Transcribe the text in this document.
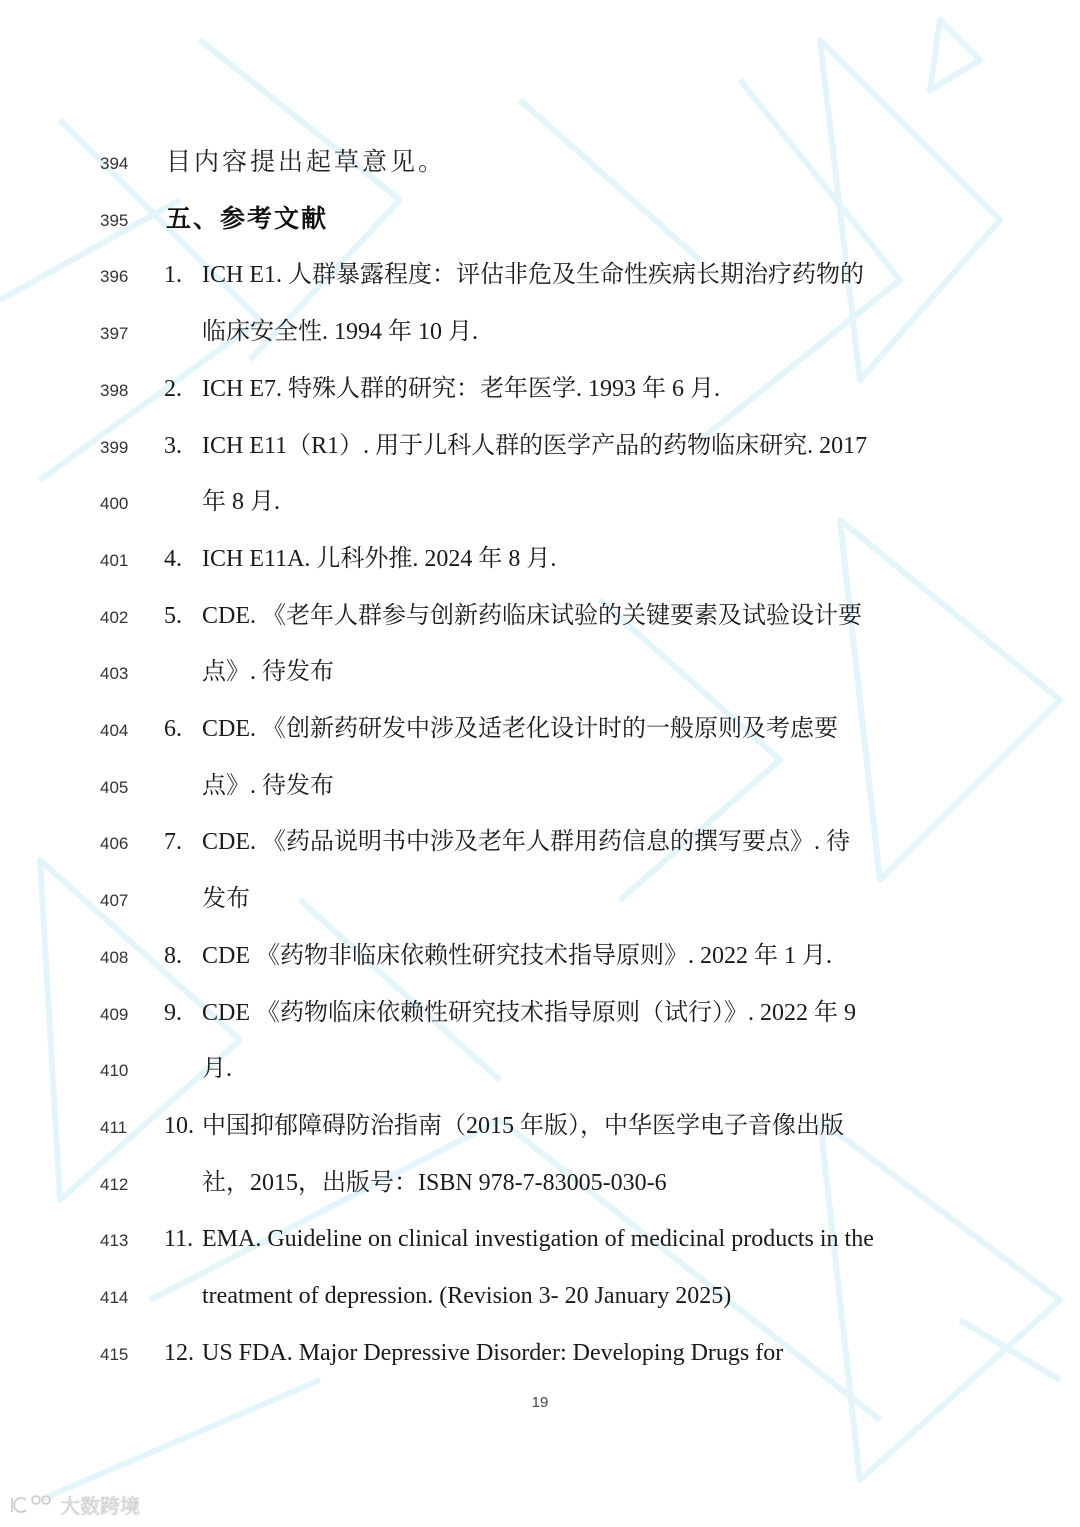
394	目内容提出起草意见。
395	五、参考文献
396	1. ICH E1. 人群暴露程度：评估非危及生命性疾病长期治疗药物的
397	临床安全性. 1994 年 10 月.
398	2. ICH E7. 特殊人群的研究：老年医学. 1993 年 6 月.
399	3. ICH E11（R1）. 用于儿科人群的医学产品的药物临床研究. 2017
400	年 8 月.
401	4. ICH E11A. 儿科外推. 2024 年 8 月.
402	5. CDE. 《老年人群参与创新药临床试验的关键要素及试验设计要
403	点》. 待发布
404	6. CDE. 《创新药研发中涉及适老化设计时的一般原则及考虑要
405	点》. 待发布
406	7. CDE. 《药品说明书中涉及老年人群用药信息的撰写要点》. 待
407	发布
408	8. CDE 《药物非临床依赖性研究技术指导原则》. 2022 年 1 月.
409	9. CDE 《药物临床依赖性研究技术指导原则（试行）》. 2022 年 9
410	月.
411	10. 中国抑郁障碍防治指南（2015 年版），中华医学电子音像出版
412	社，2015，出版号：ISBN 978-7-83005-030-6
413	11. EMA. Guideline on clinical investigation of medicinal products in the
414	treatment of depression. (Revision 3- 20 January 2025)
415	12. US FDA. Major Depressive Disorder: Developing Drugs for
19
大数跨境
